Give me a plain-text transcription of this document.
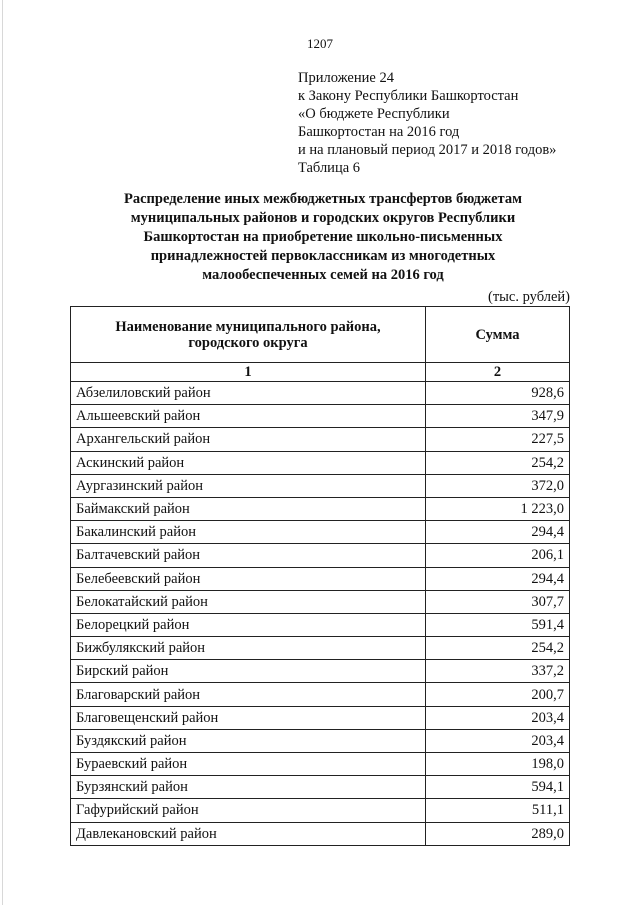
1207
Приложение 24
к Закону Республики Башкортостан
«О бюджете Республики
Башкортостан на 2016 год
и на плановый период 2017 и 2018 годов»
Таблица 6
Распределение иных межбюджетных трансфертов бюджетам
муниципальных районов и городских округов Республики
Башкортостан на приобретение школьно-письменных
принадлежностей первоклассникам из многодетных
малообеспеченных семей на 2016 год
(тыс. рублей)
Наименование муниципального района,
городского округа	Сумма
1	2
Абзелиловский район	928,6
Альшеевский район	347,9
Архангельский район	227,5
Аскинский район	254,2
Аургазинский район	372,0
Баймакский район	1 223,0
Бакалинский район	294,4
Балтачевский район	206,1
Белебеевский район	294,4
Белокатайский район	307,7
Белорецкий район	591,4
Бижбулякский район	254,2
Бирский район	337,2
Благоварский район	200,7
Благовещенский район	203,4
Буздякский район	203,4
Бураевский район	198,0
Бурзянский район	594,1
Гафурийский район	511,1
Давлекановский район	289,0
